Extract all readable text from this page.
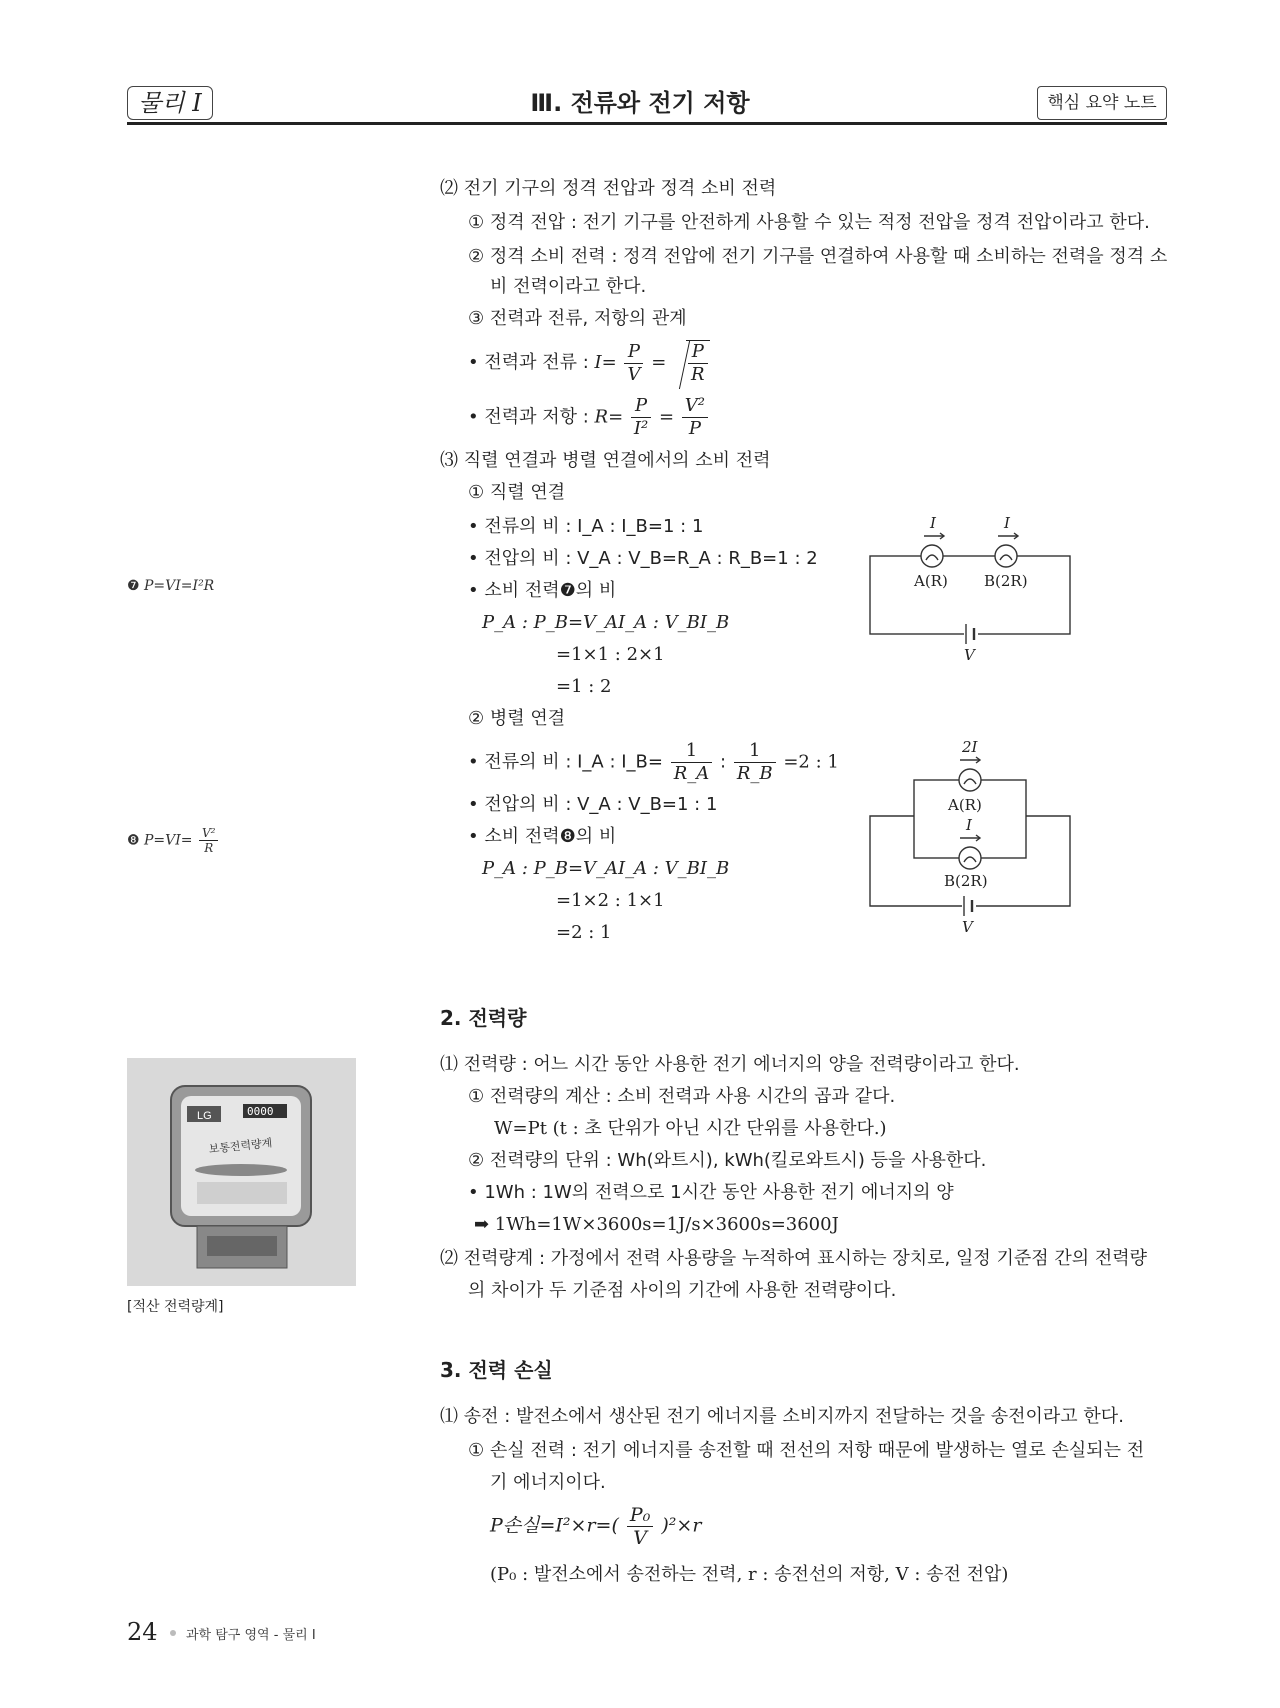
물리 I	Ⅲ. 전류와 전기 저항	핵심 요약 노트
❼ P=VI=I²R
❽ $P=VI= \frac{\text{V²}}{R}$
⑵ 전기 기구의 정격 전압과 정격 소비 전력
① 정격 전압 : 전기 기구를 안전하게 사용할 수 있는 적정 전압을 정격 전압이라고 한다.
② 정격 소비 전력 : 정격 전압에 전기 기구를 연결하여 사용할 때 소비하는 전력을 정격 소
비 전력이라고 한다.
③ 전력과 전류, 저항의 관계
• 전력과 전류 : $I= \frac{P}{V} = \frac{P}{R}$
• 전력과 저항 : $R= \frac{P}{\text{I²}} = \frac{\text{V²}}{P}$
⑶ 직렬 연결과 병렬 연결에서의 소비 전력
① 직렬 연결
• 전류의 비 : I_A : I_B=1 : 1
• 전압의 비 : V_A : V_B=R_A : R_B=1 : 2
• 소비 전력❼의 비
P_A : P_B=V_AI_A : V_BI_B
=1×1 : 2×1
=1 : 2
② 병렬 연결
• 전류의 비 : I_A : I_B= $\frac{1}{R\_A}$ : $\frac{1}{R\_B} =2$ : 1
• 전압의 비 : V_A : V_B=1 : 1
• 소비 전력❽의 비
P_A : P_B=V_AI_A : V_BI_B
=1×2 : 1×1
=2 : 1
I	I
A(R) B(2R)
V
2I
A(R)
I
B(2R)
V
2. 전력량
⑴ 전력량 : 어느 시간 동안 사용한 전기 에너지의 양을 전력량이라고 한다.
① 전력량의 계산 : 소비 전력과 사용 시간의 곱과 같다.
W=Pt (t : 초 단위가 아닌 시간 단위를 사용한다.)
② 전력량의 단위 : Wh(와트시), kWh(킬로와트시) 등을 사용한다.
• 1Wh : 1W의 전력으로 1시간 동안 사용한 전기 에너지의 양
➡ 1Wh=1W×3600s=1J/s×3600s=3600J
⑵ 전력량계 : 가정에서 전력 사용량을 누적하여 표시하는 장치로, 일정 기준점 간의 전력량
의 차이가 두 기준점 사이의 기간에 사용한 전력량이다.
LG	0000
보통전력량계
[적산 전력량계]
3. 전력 손실
⑴ 송전 : 발전소에서 생산된 전기 에너지를 소비지까지 전달하는 것을 송전이라고 한다.
① 손실 전력 : 전기 에너지를 송전할 때 전선의 저항 때문에 발생하는 열로 손실되는 전
기 에너지이다.
P손실$=I^2\times r=( \frac{\text{P₀}}{V} )^2\times r$
(P₀ : 발전소에서 송전하는 전력, r : 송전선의 저항, V : 송전 전압)
24 과학 탐구 영역 - 물리 Ⅰ
